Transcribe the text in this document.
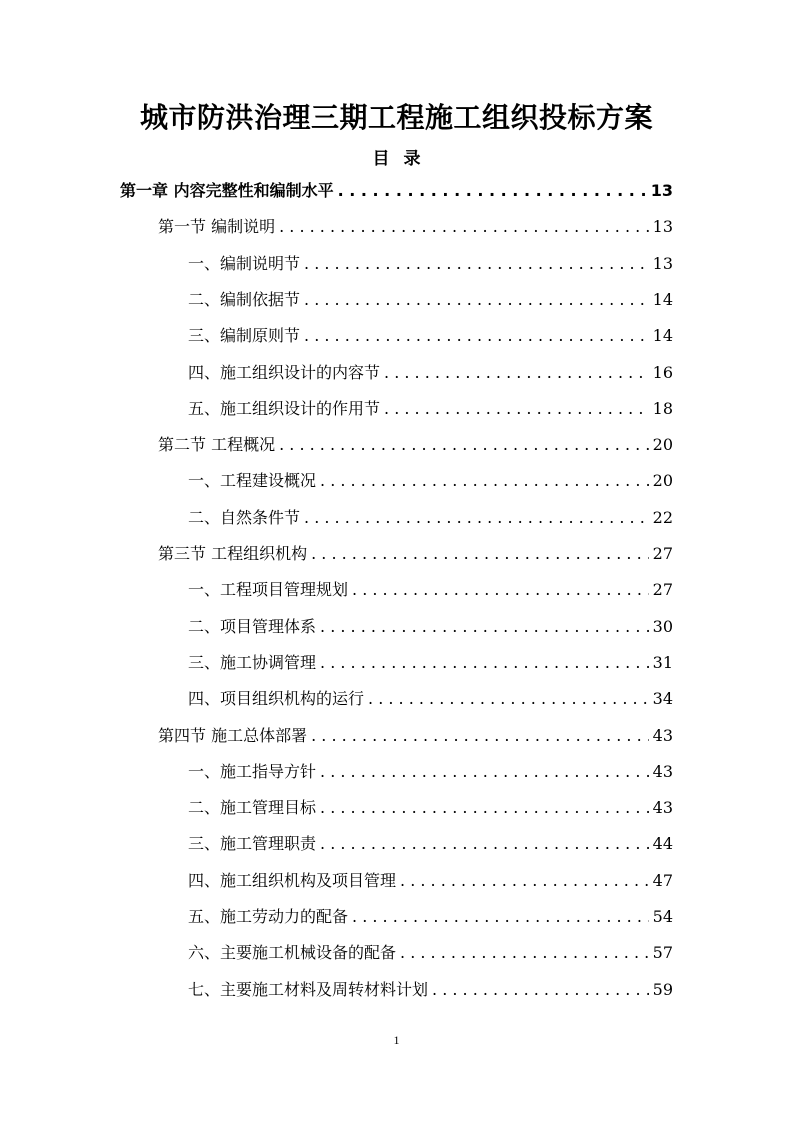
城市防洪治理三期工程施工组织投标方案
目 录
第一章 内容完整性和编制水平 . . .	13
第一节 编制说明 . . .	13
一、编制说明节 . . .	13
二、编制依据节 . . .	14
三、编制原则节 . . .	14
四、施工组织设计的内容节 . . .	16
五、施工组织设计的作用节 . . .	18
第二节 工程概况 . . .	20
一、工程建设概况 . . .	20
二、自然条件节 . . .	22
第三节 工程组织机构 . . .	27
一、工程项目管理规划 . . .	27
二、项目管理体系 . . .	30
三、施工协调管理 . . .	31
四、项目组织机构的运行 . . .	34
第四节 施工总体部署 . . .	43
一、施工指导方针 . . .	43
二、施工管理目标 . . .	43
三、施工管理职责 . . .	44
四、施工组织机构及项目管理 . . .	47
五、施工劳动力的配备 . . .	54
六、主要施工机械设备的配备 . . .	57
七、主要施工材料及周转材料计划 . . .	59
1
